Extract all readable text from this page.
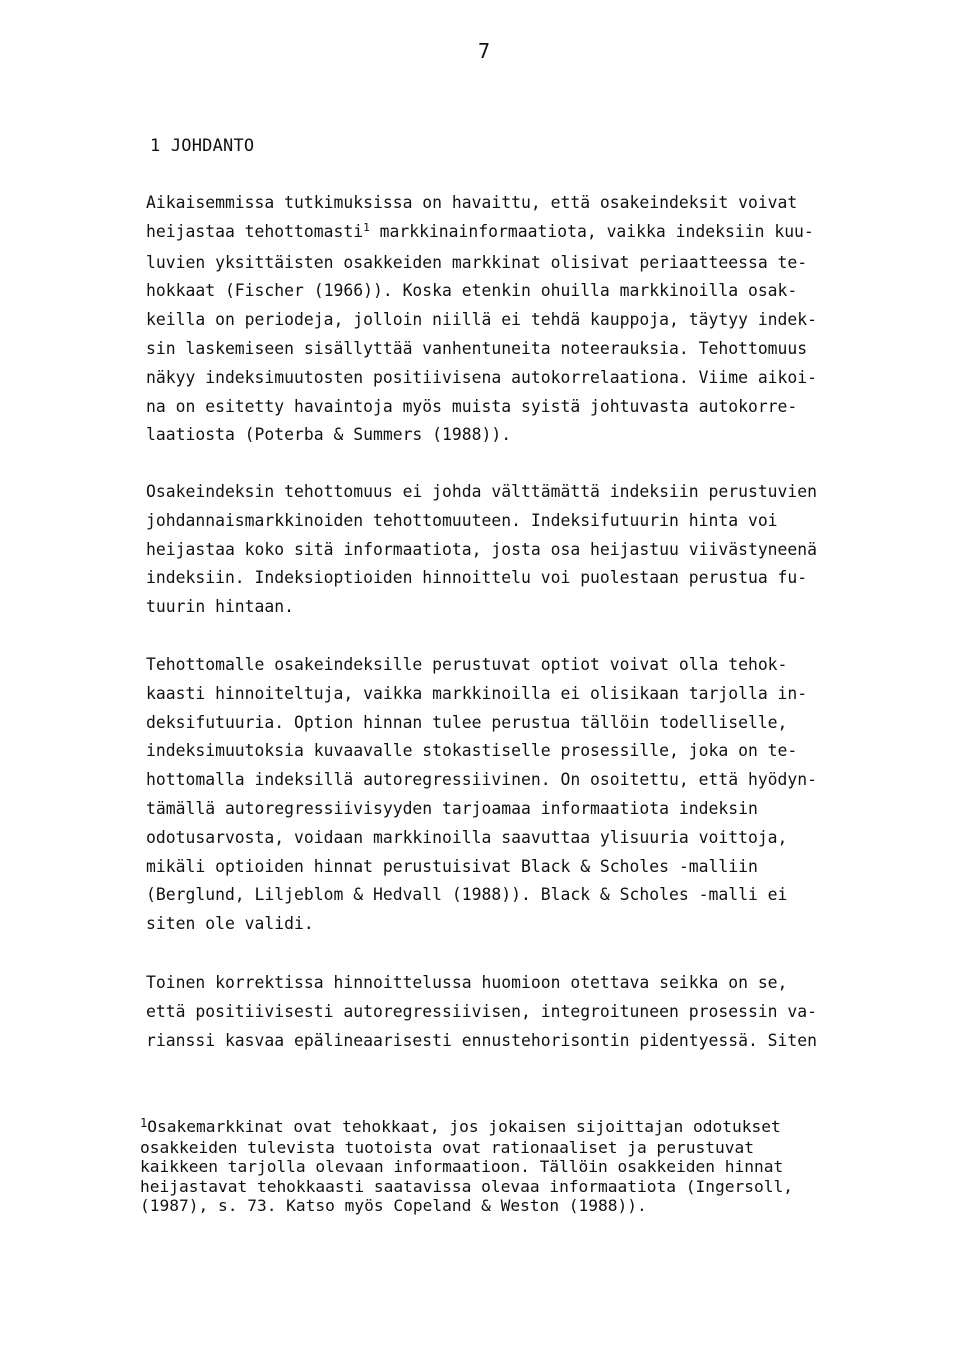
7
1 JOHDANTO

Aikaisemmissa tutkimuksissa on havaittu, että osakeindeksit voivat
heijastaa tehottomasti$^1$ markkinainformaatiota, vaikka indeksiin kuu-
luvien yksittäisten osakkeiden markkinat olisivat periaatteessa te-
hokkaat (Fischer (1966)). Koska etenkin ohuilla markkinoilla osak-
keilla on periodeja, jolloin niillä ei tehdä kauppoja, täytyy indek-
sin laskemiseen sisällyttää vanhentuneita noteerauksia. Tehottomuus
näkyy indeksimuutosten positiivisena autokorrelaationa. Viime aikoi-
na on esitetty havaintoja myös muista syistä johtuvasta autokorre-
laatiosta (Poterba & Summers (1988)).

Osakeindeksin tehottomuus ei johda välttämättä indeksiin perustuvien
johdannaismarkkinoiden tehottomuuteen. Indeksifutuurin hinta voi
heijastaa koko sitä informaatiota, josta osa heijastuu viivästyneenä
indeksiin. Indeksioptioiden hinnoittelu voi puolestaan perustua fu-
tuurin hintaan.

Tehottomalle osakeindeksille perustuvat optiot voivat olla tehok-
kaasti hinnoiteltuja, vaikka markkinoilla ei olisikaan tarjolla in-
deksifutuuria. Option hinnan tulee perustua tällöin todelliselle,
indeksimuutoksia kuvaavalle stokastiselle prosessille, joka on te-
hottomalla indeksillä autoregressiivinen. On osoitettu, että hyödyn-
tämällä autoregressiivisyyden tarjoamaa informaatiota indeksin
odotusarvosta, voidaan markkinoilla saavuttaa ylisuuria voittoja,
mikäli optioiden hinnat perustuisivat Black & Scholes -malliin
(Berglund, Liljeblom & Hedvall (1988)). Black & Scholes -malli ei
siten ole validi.

Toinen korrektissa hinnoittelussa huomioon otettava seikka on se,
että positiivisesti autoregressiivisen, integroituneen prosessin va-
rianssi kasvaa epälineaarisesti ennustehorisontin pidentyessä. Siten

$^1$Osakemarkkinat ovat tehokkaat, jos jokaisen sijoittajan odotukset
osakkeiden tulevista tuotoista ovat rationaaliset ja perustuvat
kaikkeen tarjolla olevaan informaatioon. Tällöin osakkeiden hinnat
heijastavat tehokkaasti saatavissa olevaa informaatiota (Ingersoll,
(1987), s. 73. Katso myös Copeland & Weston (1988)).
